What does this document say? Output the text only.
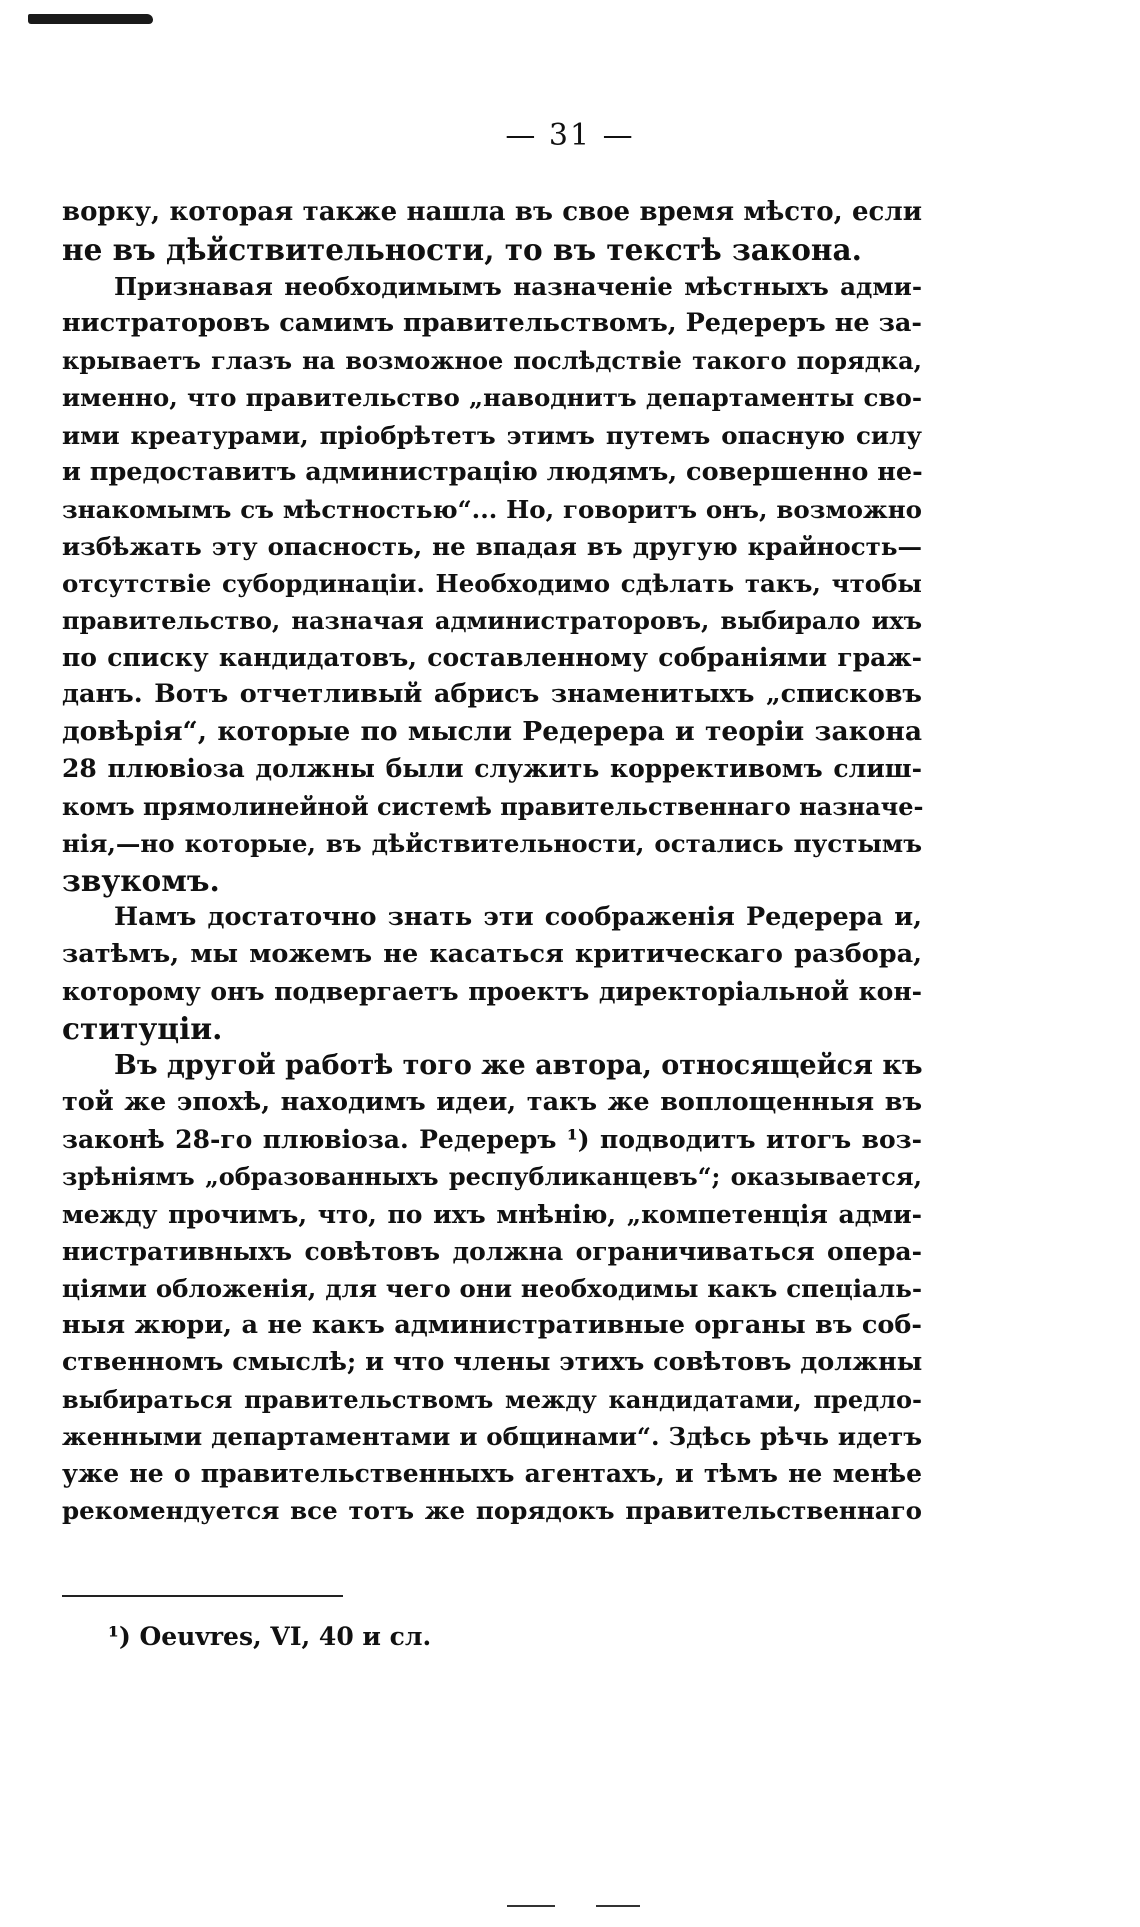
— 31 —
ворку, которая также нашла въ свое время мѣсто, если
не въ дѣйствительности, то въ текстѣ закона.
Признавая необходимымъ назначеніе мѣстныхъ адми-
нистраторовъ самимъ правительствомъ, Редереръ не за-
крываетъ глазъ на возможное послѣдствіе такого порядка,
именно, что правительство „наводнитъ департаменты сво-
ими креатурами, пріобрѣтетъ этимъ путемъ опасную силу
и предоставитъ администрацію людямъ, совершенно не-
знакомымъ съ мѣстностью“... Но, говоритъ онъ, возможно
избѣжать эту опасность, не впадая въ другую крайность—
отсутствіе субординаціи. Необходимо сдѣлать такъ, чтобы
правительство, назначая администраторовъ, выбирало ихъ
по списку кандидатовъ, составленному собраніями граж-
данъ. Вотъ отчетливый абрисъ знаменитыхъ „списковъ
довѣрія“, которые по мысли Редерера и теоріи закона
28 плювіоза должны были служить коррективомъ слиш-
комъ прямолинейной системѣ правительственнаго назначе-
нія,—но которые, въ дѣйствительности, остались пустымъ
звукомъ.
Намъ достаточно знать эти соображенія Редерера и,
затѣмъ, мы можемъ не касаться критическаго разбора,
которому онъ подвергаетъ проектъ директоріальной кон-
ституціи.
Въ другой работѣ того же автора, относящейся къ
той же эпохѣ, находимъ идеи, такъ же воплощенныя въ
законѣ 28-го плювіоза. Редереръ ¹) подводитъ итогъ воз-
зрѣніямъ „образованныхъ республиканцевъ“; оказывается,
между прочимъ, что, по ихъ мнѣнію, „компетенція адми-
нистративныхъ совѣтовъ должна ограничиваться опера-
ціями обложенія, для чего они необходимы какъ спеціаль-
ныя жюри, а не какъ административные органы въ соб-
ственномъ смыслѣ; и что члены этихъ совѣтовъ должны
выбираться правительствомъ между кандидатами, предло-
женными департаментами и общинами“. Здѣсь рѣчь идетъ
уже не о правительственныхъ агентахъ, и тѣмъ не менѣе
рекомендуется все тотъ же порядокъ правительственнаго
¹) Oeuvres, VI, 40 и сл.
